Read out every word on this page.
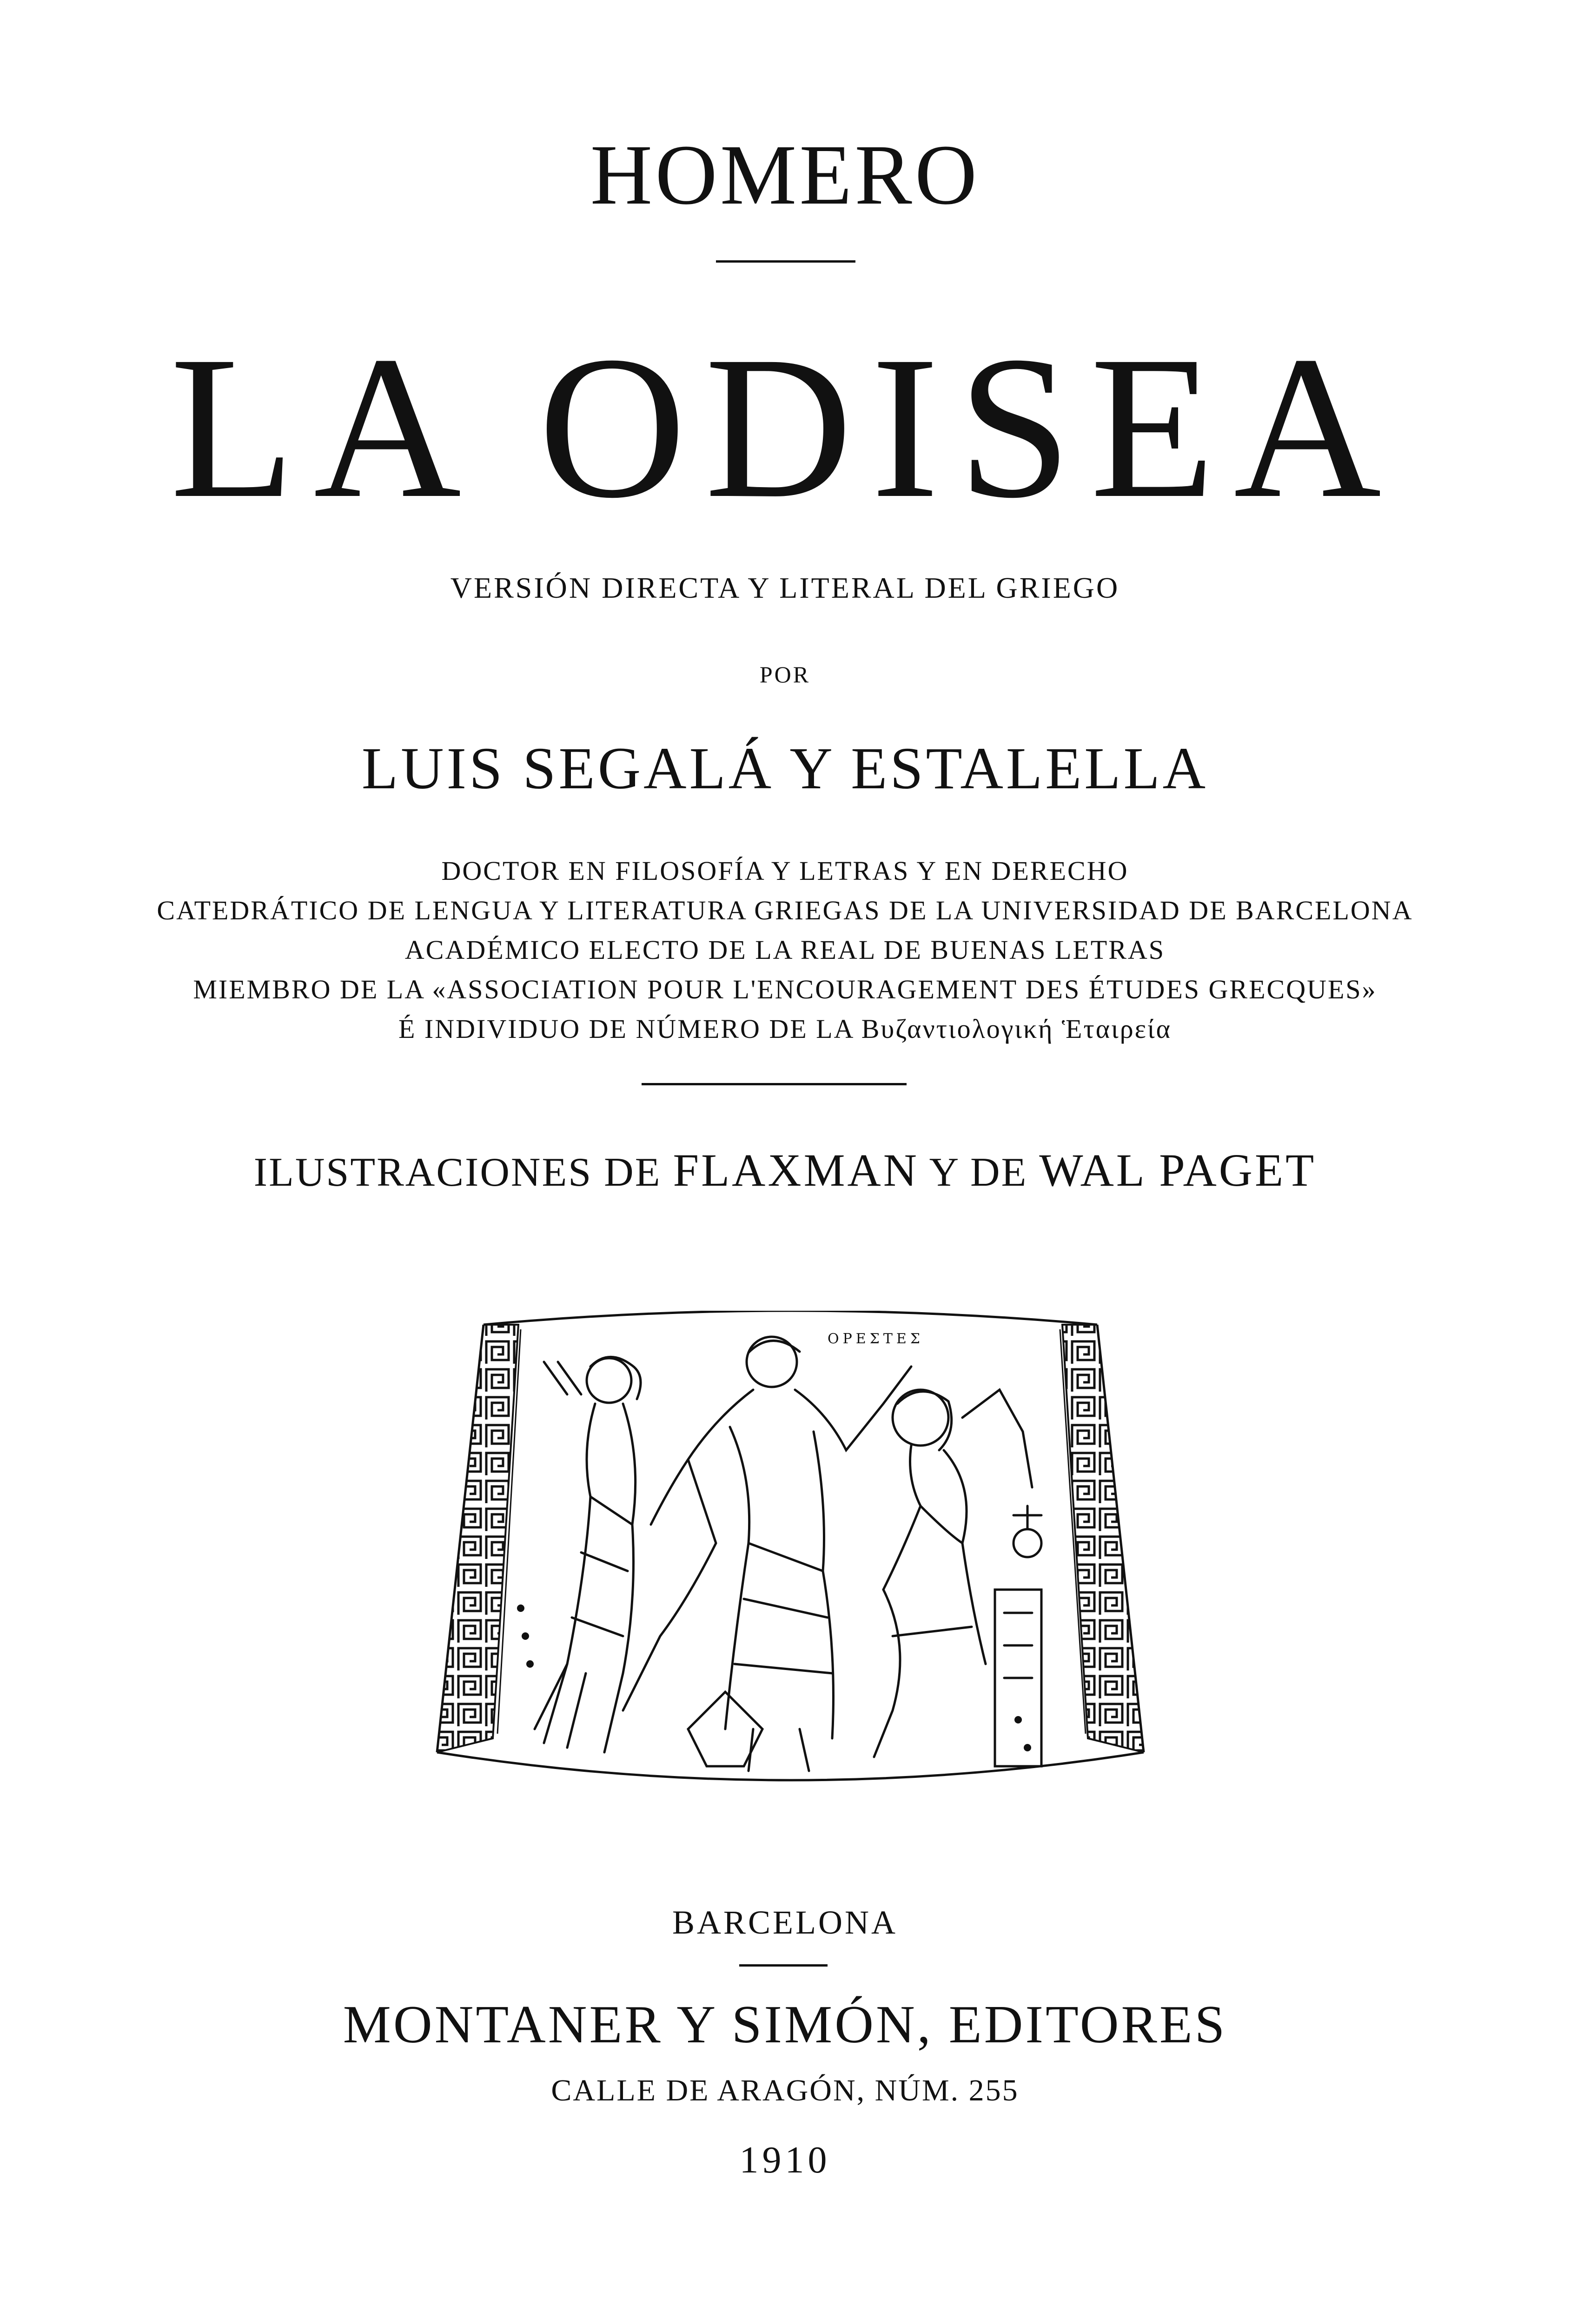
HOMERO
LA ODISEA
VERSIÓN DIRECTA Y LITERAL DEL GRIEGO
POR
LUIS SEGALÁ Y ESTALELLA
DOCTOR EN FILOSOFÍA Y LETRAS Y EN DERECHO
CATEDRÁTICO DE LENGUA Y LITERATURA GRIEGAS DE LA UNIVERSIDAD DE BARCELONA
ACADÉMICO ELECTO DE LA REAL DE BUENAS LETRAS
MIEMBRO DE LA «ASSOCIATION POUR L'ENCOURAGEMENT DES ÉTUDES GRECQUES»
É INDIVIDUO DE NÚMERO DE LA Βυζαντιολογική Ἑταιρεία
ILUSTRACIONES DE FLAXMAN Y DE WAL PAGET
ΟΡΕΣΤΕΣ
BARCELONA
MONTANER Y SIMÓN, EDITORES
CALLE DE ARAGÓN, NÚM. 255
1910
